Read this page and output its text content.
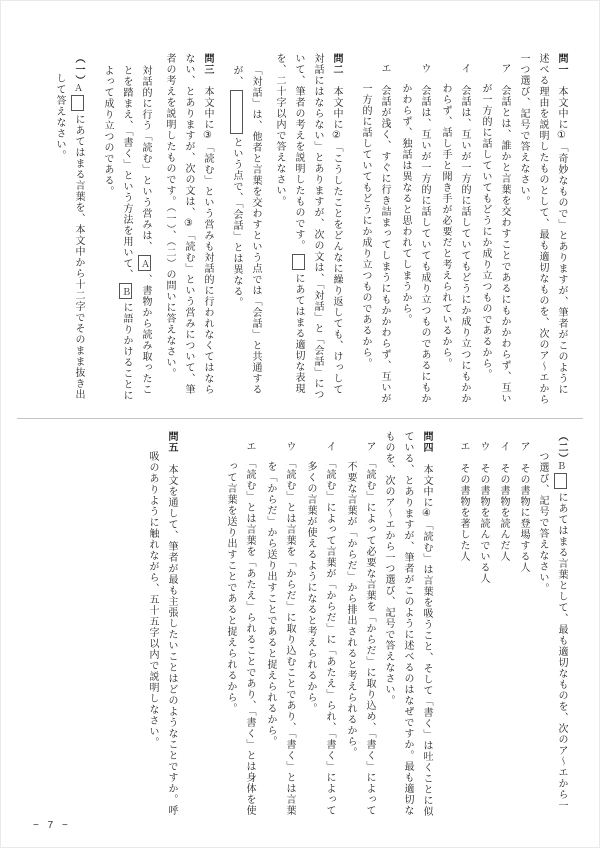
問一　本文中に①「奇妙なもので」とありますが、筆者がこのように述べる理由を説明したものとして、最も適切なものを、次のア〜エから一つ選び、記号で答えなさい。
ア　会話とは、誰かと言葉を交わすことであるにもかかわらず、互いが一方的に話していてもどうにか成り立つものであるから。
イ　会話は、互いが一方的に話していてもどうにか成り立つにもかかわらず、話し手と聞き手が必要だと考えられているから。
ウ　会話は、互いが一方的に話していても成り立つものであるにもかかわらず、独話は異なると思われてしまうから。
エ　会話が浅く、すぐに行き詰まってしまうにもかかわらず、互いが一方的に話していてもどうにか成り立つものであるから。
問二　本文中に②「こうしたことをどんなに繰り返しても、けっして対話にはならない」とありますが、次の文は、「対話」と「会話」について、筆者の考えを説明したものです。にあてはまる適切な表現を、二十字以内で答えなさい。
「対話」は、他者と言葉を交わすという点では「会話」と共通するが、という点で、「会話」とは異なる。
問三　本文中に③「読む」という営みも対話的に行われなくてはならない、とありますが、次の文は、③「読む」という営みについて、筆者の考えを説明したものです。（一）、（二）の問いに答えなさい。
対話的に行う「読む」という営みは、Ａ、書物から読み取ったことを踏まえ、「書く」という方法を用いて、Ｂに語りかけることによって成り立つのである。
（一）　Ａにあてはまる言葉を、本文中から十二字でそのまま抜き出して答えなさい。
（二）　Ｂにあてはまる言葉として、最も適切なものを、次のア〜エから一つ選び、記号で答えなさい。
ア　その書物に登場する人
イ　その書物を読んだ人
ウ　その書物を読んでいる人
エ　その書物を著した人
問四　本文中に④「読む」は言葉を吸うこと、そして「書く」は吐くことに似ている、とありますが、筆者がこのように述べるのはなぜですか。最も適切なものを、次のア〜エから一つ選び、記号で答えなさい。
ア　「読む」によって必要な言葉を「からだ」に取り込め、「書く」によって不要な言葉が「からだ」から排出されると考えられるから。
イ　「読む」によって言葉が「からだ」に「あたえ」られ、「書く」によって多くの言葉が使えるようになると考えられるから。
ウ　「読む」とは言葉を「からだ」に取り込むことであり、「書く」とは言葉を「からだ」から送り出すことであると捉えられるから。
エ　「読む」とは言葉を「あたえ」られることであり、「書く」とは身体を使って言葉を送り出すことであると捉えられるから。
問五　本文を通して、筆者が最も主張したいことはどのようなことですか。呼吸のありように触れながら、五十五字以内で説明しなさい。
− 7 −
